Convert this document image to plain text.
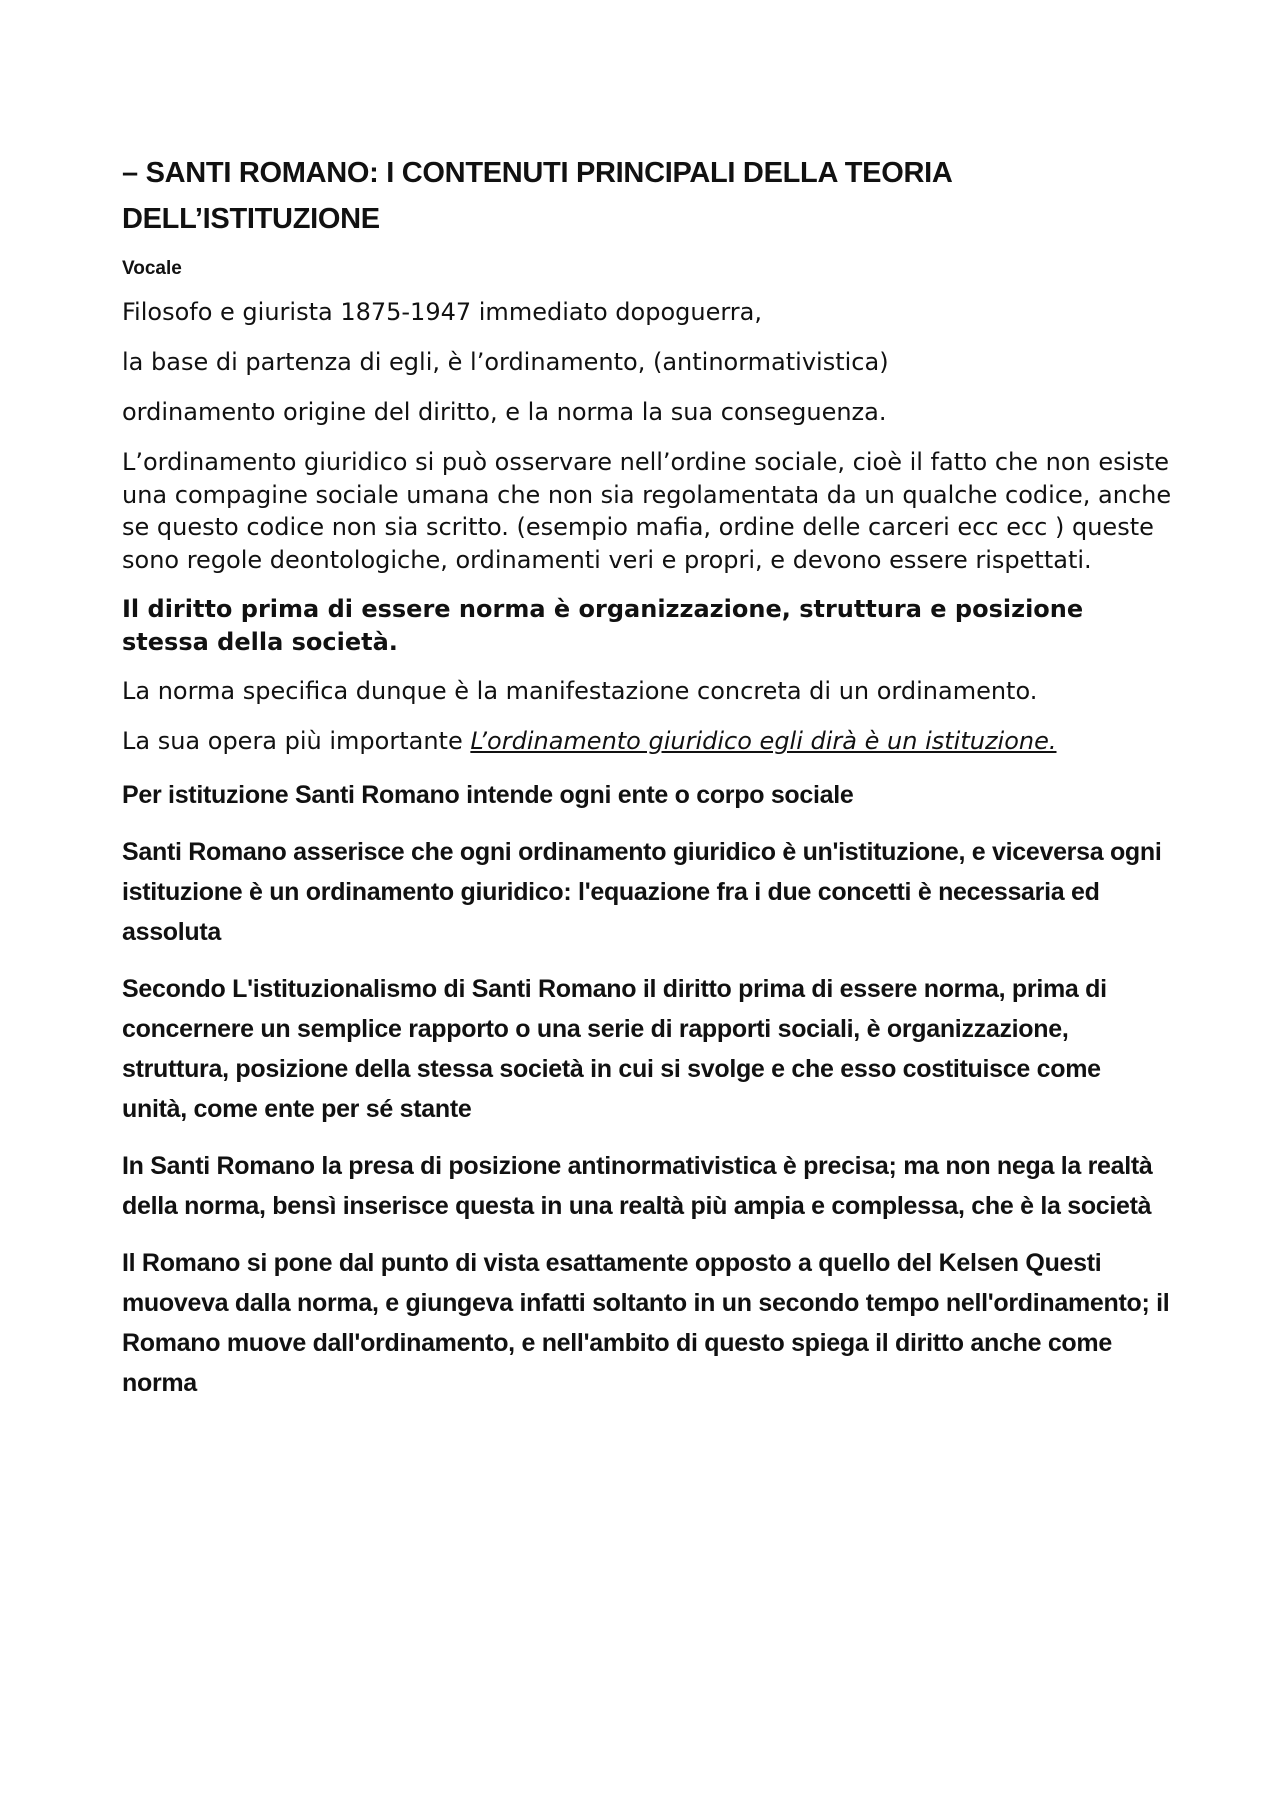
– SANTI ROMANO: I CONTENUTI PRINCIPALI DELLA TEORIA DELL’ISTITUZIONE
Vocale

Filosofo e giurista 1875-1947 immediato dopoguerra,

la base di partenza di egli, è l’ordinamento, (antinormativistica)

ordinamento origine del diritto, e la norma la sua conseguenza.

L’ordinamento giuridico si può osservare nell’ordine sociale, cioè il fatto che non esiste una compagine sociale umana che non sia regolamentata da un qualche codice, anche se questo codice non sia scritto. (esempio mafia, ordine delle carceri ecc ecc ) queste sono regole deontologiche, ordinamenti veri e propri, e devono essere rispettati.

Il diritto prima di essere norma è organizzazione, struttura e posizione stessa della società.

La norma specifica dunque è la manifestazione concreta di un ordinamento.

La sua opera più importante L’ordinamento giuridico egli dirà è un istituzione.

Per istituzione Santi Romano intende ogni ente o corpo sociale

Santi Romano asserisce che ogni ordinamento giuridico è un'istituzione, e viceversa ogni istituzione è un ordinamento giuridico: l'equazione fra i due concetti è necessaria ed assoluta

Secondo L'istituzionalismo di Santi Romano il diritto prima di essere norma, prima di concernere un semplice rapporto o una serie di rapporti sociali, è organizzazione, struttura, posizione della stessa società in cui si svolge e che esso costituisce come unità, come ente per sé stante

In Santi Romano la presa di posizione antinormativistica è precisa; ma non nega la realtà della norma, bensì inserisce questa in una realtà più ampia e complessa, che è la società

Il Romano si pone dal punto di vista esattamente opposto a quello del Kelsen Questi muoveva dalla norma, e giungeva infatti soltanto in un secondo tempo nell'ordinamento; il Romano muove dall'ordinamento, e nell'ambito di questo spiega il diritto anche come norma
